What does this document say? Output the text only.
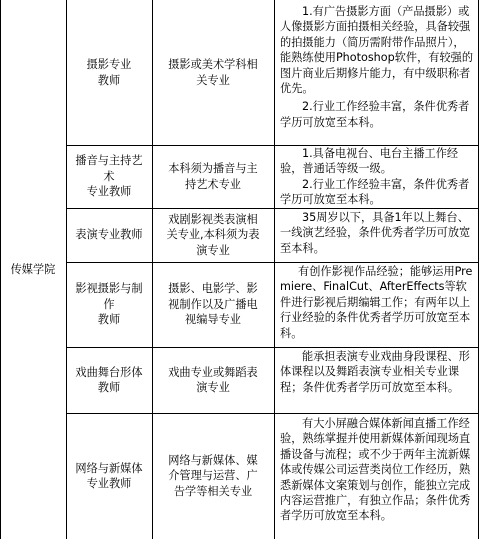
传媒学院
摄影专业
教师
摄影或美术学科相
关专业

1.有广告摄影方面（产品摄影）或人像摄影方面拍摄相关经验，具备较强的拍摄能力（简历需附带作品照片），能熟练使用Photoshop软件，有较强的图片商业后期修片能力，有中级职称者优先。

2.行业工作经验丰富，条件优秀者学历可放宽至本科。

播音与主持艺
术
专业教师
本科须为播音与主
持艺术专业

1.具备电视台、电台主播工作经验，普通话等级一级。

2.行业工作经验丰富，条件优秀者学历可放宽至本科。

表演专业教师
戏剧影视类表演相
关专业,本科须为表
演专业

35周岁以下，具备1年以上舞台、一线演艺经验，条件优秀者学历可放宽至本科。

影视摄影与制
作
教师
摄影、电影学、影
视制作以及广播电
视编导专业

有创作影视作品经验；能够运用Premiere、FinalCut、AfterEffects等软件进行影视后期编辑工作；有两年以上行业经验的条件优秀者学历可放宽至本科。

戏曲舞台形体
教师
戏曲专业或舞蹈表
演专业

能承担表演专业戏曲身段课程、形体课程以及舞蹈表演专业相关专业课程；条件优秀者学历可放宽至本科。

网络与新媒体
专业教师
网络与新媒体、媒
介管理与运营、广
告学等相关专业

有大小屏融合媒体新闻直播工作经验，熟练掌握并使用新媒体新闻现场直播设备与流程；或不少于两年主流新媒体或传媒公司运营类岗位工作经历，熟悉新媒体文案策划与创作，能独立完成内容运营推广，有独立作品；条件优秀者学历可放宽至本科。
